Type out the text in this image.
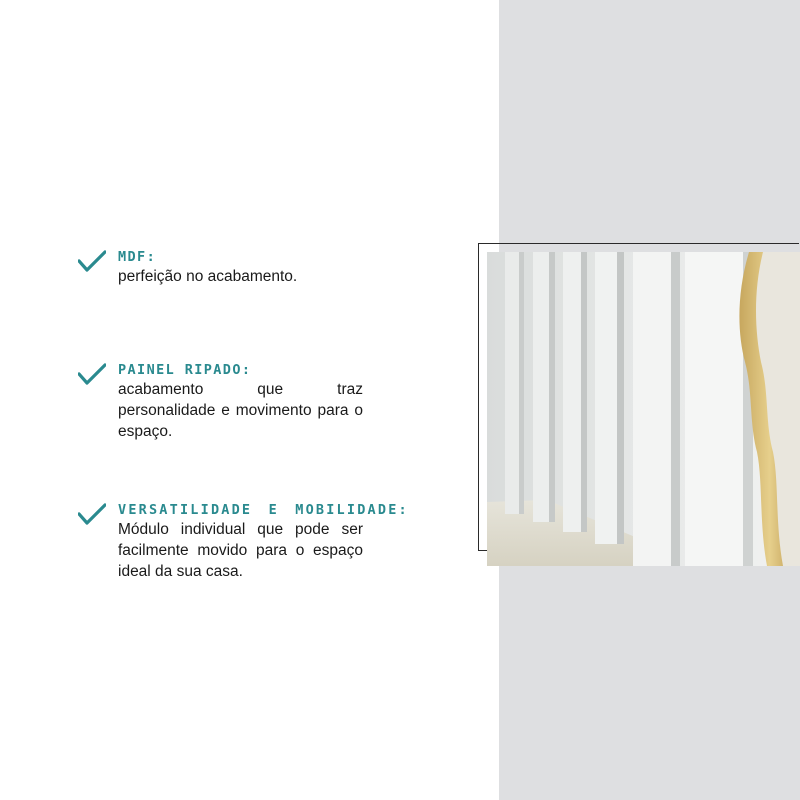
MDF:
perfeição no acabamento.
PAINEL RIPADO:
acabamento que traz personalidade e movimento para o espaço.
VERSATILIDADE E MOBILIDADE:
Módulo individual que pode ser facilmente movido para o espaço ideal da sua casa.
